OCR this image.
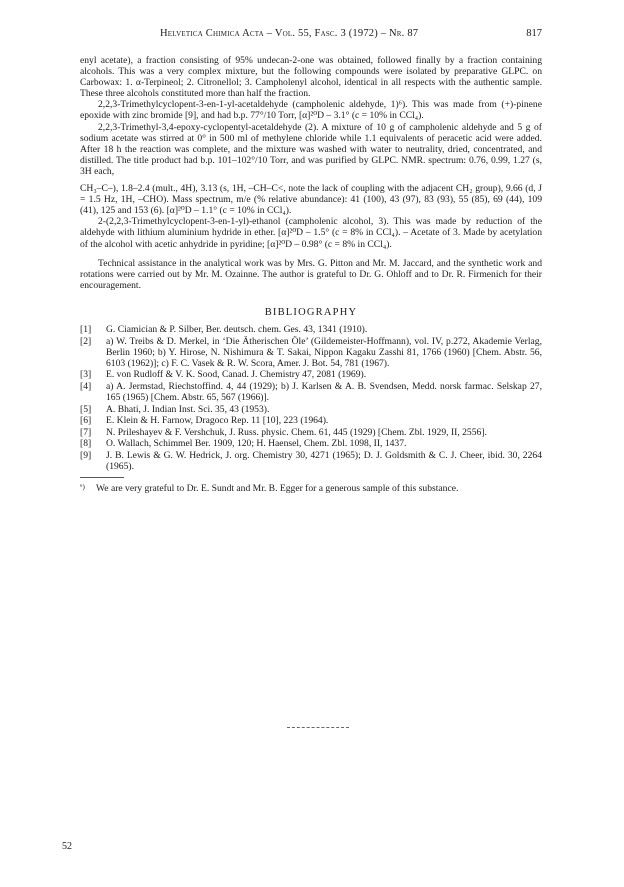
Helvetica Chimica Acta – Vol. 55, Fasc. 3 (1972) – Nr. 87	817

enyl acetate), a fraction consisting of 95% undecan-2-one was obtained, followed finally by a fraction containing alcohols. This was a very complex mixture, but the following compounds were isolated by preparative GLPC. on Carbowax: 1. α-Terpineol; 2. Citronellol; 3. Campholenyl alcohol, identical in all respects with the authentic sample. These three alcohols constituted more than half the fraction.

2,2,3-Trimethylcyclopent-3-en-1-yl-acetaldehyde (campholenic aldehyde, 1)⁶). This was made from (+)-pinene epoxide with zinc bromide [9], and had b.p. 77°/10 Torr, [α]²⁰D – 3.1° (c = 10% in CCl₄).

2,2,3-Trimethyl-3,4-epoxy-cyclopentyl-acetaldehyde (2). A mixture of 10 g of campholenic aldehyde and 5 g of sodium acetate was stirred at 0° in 500 ml of methylene chloride while 1.1 equivalents of peracetic acid were added. After 18 h the reaction was complete, and the mixture was washed with water to neutrality, dried, concentrated, and distilled. The title product had b.p. 101–102°/10 Torr, and was purified by GLPC. NMR. spectrum: 0.76, 0.99, 1.27 (s, 3H each,

CH₃–C–), 1.8–2.4 (mult., 4H), 3.13 (s, 1H, –CH–C<, note the lack of coupling with the adjacent CH₂ group), 9.66 (d, J = 1.5 Hz, 1H, –CHO). Mass spectrum, m/e (% relative abundance): 41 (100), 43 (97), 83 (93), 55 (85), 69 (44), 109 (41), 125 and 153 (6). [α]²⁰D – 1.1° (c = 10% in CCl₄).

2-(2,2,3-Trimethylcyclopent-3-en-1-yl)-ethanol (campholenic alcohol, 3). This was made by reduction of the aldehyde with lithium aluminium hydride in ether. [α]²⁰D – 1.5° (c = 8% in CCl₄). – Acetate of 3. Made by acetylation of the alcohol with acetic anhydride in pyridine; [α]²⁰D – 0.98° (c = 8% in CCl₄).

Technical assistance in the analytical work was by Mrs. G. Pitton and Mr. M. Jaccard, and the synthetic work and rotations were carried out by Mr. M. Ozainne. The author is grateful to Dr. G. Ohloff and to Dr. R. Firmenich for their encouragement.

BIBLIOGRAPHY

[1] G. Ciamician & P. Silber, Ber. deutsch. chem. Ges. 43, 1341 (1910).

[2] a) W. Treibs & D. Merkel, in ‘Die Ätherischen Öle’ (Gildemeister-Hoffmann), vol. IV, p.272, Akademie Verlag, Berlin 1960; b) Y. Hirose, N. Nishimura & T. Sakai, Nippon Kagaku Zasshi 81, 1766 (1960) [Chem. Abstr. 56, 6103 (1962)]; c) F. C. Vasek & R. W. Scora, Amer. J. Bot. 54, 781 (1967).

[3] E. von Rudloff & V. K. Sood, Canad. J. Chemistry 47, 2081 (1969).

[4] a) A. Jermstad, Riechstoffind. 4, 44 (1929); b) J. Karlsen & A. B. Svendsen, Medd. norsk farmac. Selskap 27, 165 (1965) [Chem. Abstr. 65, 567 (1966)].

[5] A. Bhati, J. Indian Inst. Sci. 35, 43 (1953).

[6] E. Klein & H. Farnow, Dragoco Rep. 11 [10], 223 (1964).

[7] N. Prileshayev & F. Vershchuk, J. Russ. physic. Chem. 61, 445 (1929) [Chem. Zbl. 1929, II, 2556].

[8] O. Wallach, Schimmel Ber. 1909, 120; H. Haensel, Chem. Zbl. 1098, II, 1437.

[9] J. B. Lewis & G. W. Hedrick, J. org. Chemistry 30, 4271 (1965); D. J. Goldsmith & C. J. Cheer, ibid. 30, 2264 (1965).

⁶) We are very grateful to Dr. E. Sundt and Mr. B. Egger for a generous sample of this substance.

52
